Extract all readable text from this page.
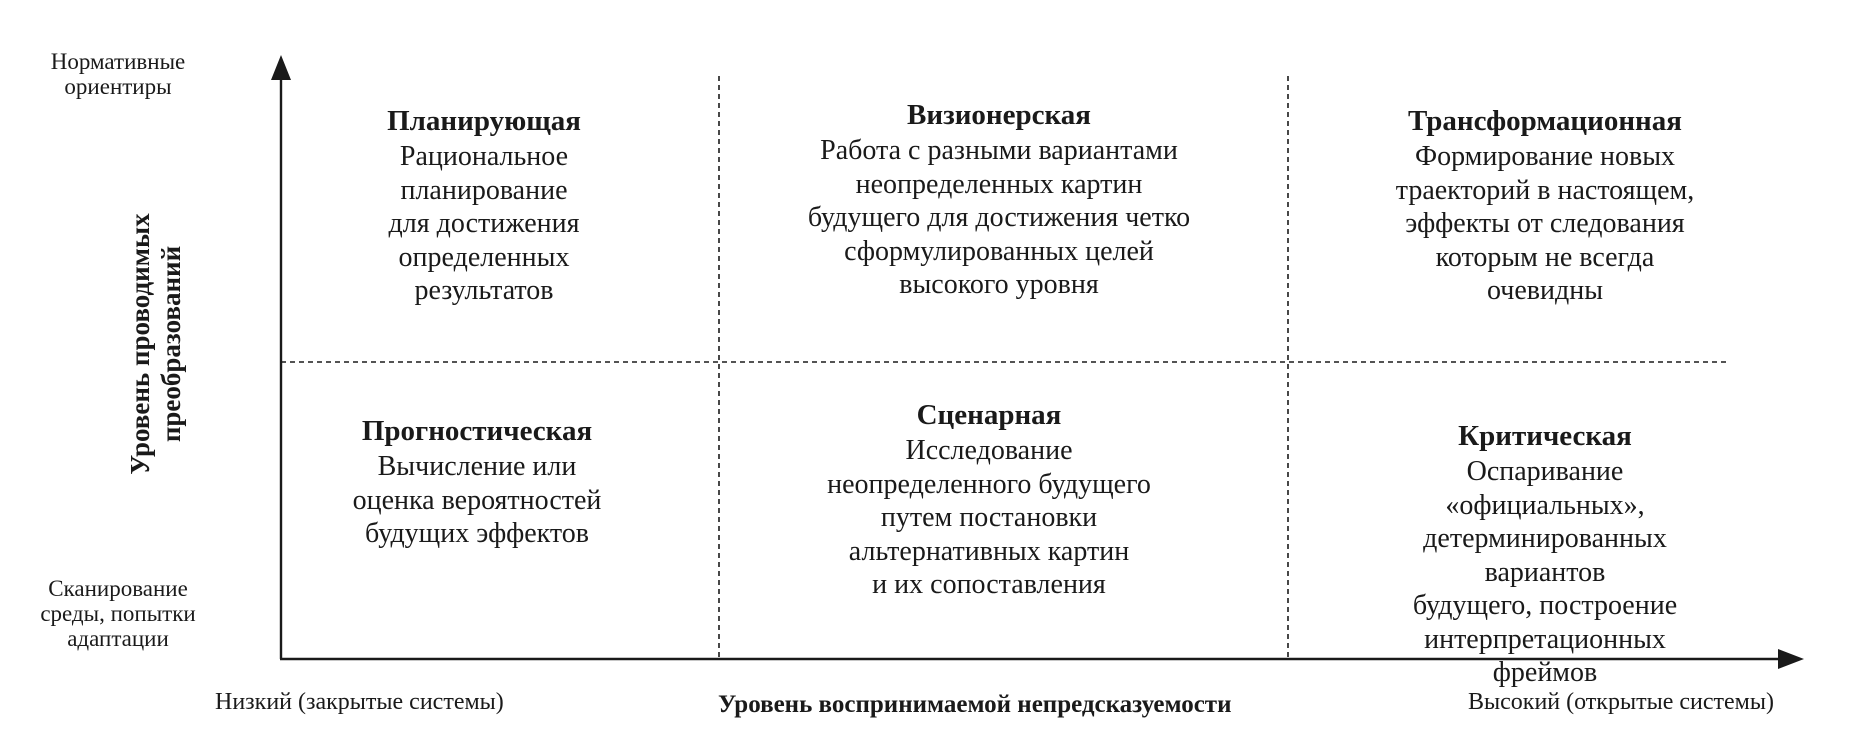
Нормативные ориентиры
Уровень проводимых преобразований
Сканирование среды, попытки адаптации
Низкий (закрытые системы)	Уровень воспринимаемой непредсказуемости	Высокий (открытые системы)
Планирующая
Рациональное
планирование
для достижения
определенных
результатов
Визионерская
Работа с разными вариантами
неопределенных картин
будущего для достижения четко
сформулированных целей
высокого уровня
Трансформационная
Формирование новых
траекторий в настоящем,
эффекты от следования
которым не всегда очевидны
Прогностическая
Вычисление или
оценка вероятностей
будущих эффектов
Сценарная
Исследование
неопределенного будущего
путем постановки
альтернативных картин
и их сопоставления
Критическая
Оспаривание «официальных»,
детерминированных вариантов
будущего, построение
интерпретационных фреймов
